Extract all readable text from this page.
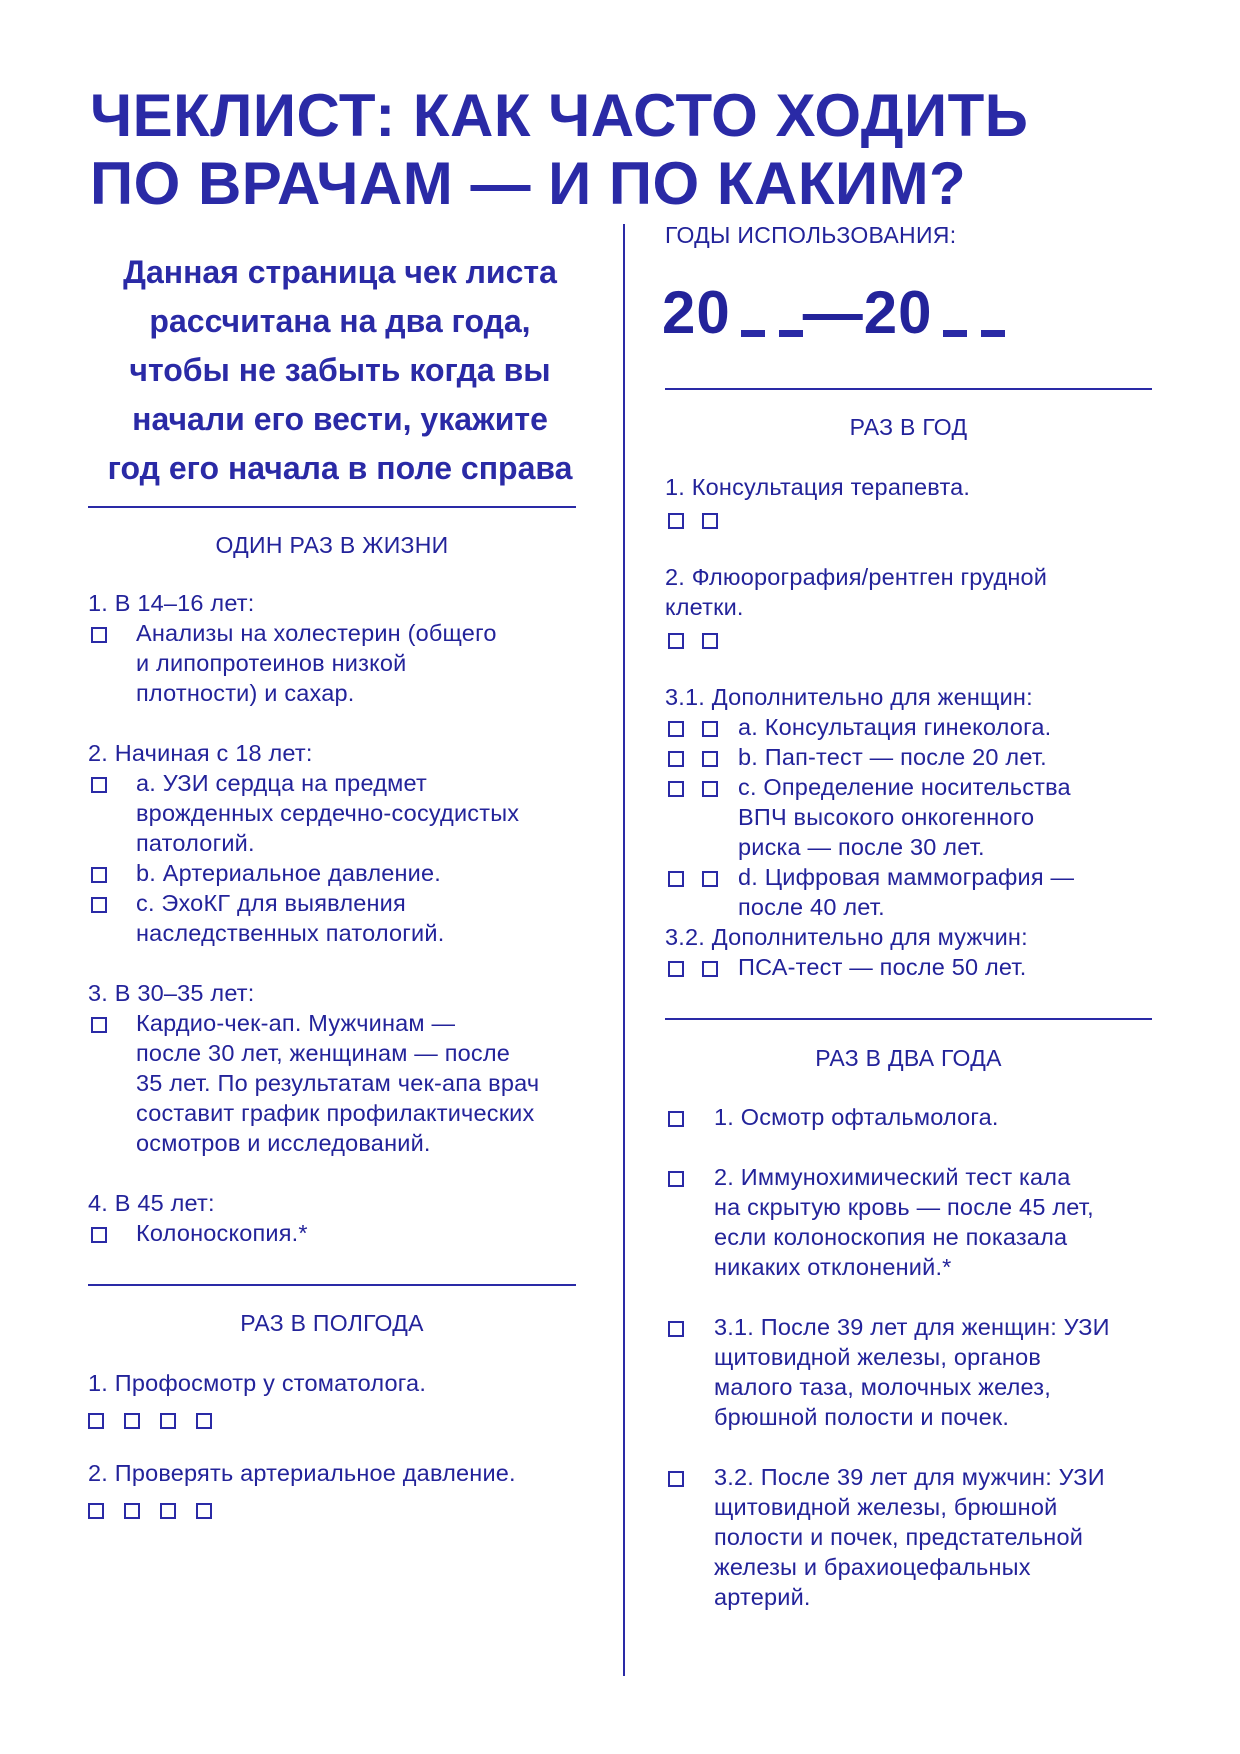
ЧЕКЛИСТ: КАК ЧАСТО ХОДИТЬ
ПО ВРАЧАМ — И ПО КАКИМ?

Данная страница чек листа
рассчитана на два года,
чтобы не забыть когда вы
начали его вести, укажите
год его начала в поле справа

ГОДЫ ИСПОЛЬЗОВАНИЯ:
20 —20
ОДИН РАЗ В ЖИЗНИ
1. В 14–16 лет:
Анализы на холестерин (общего
и липопротеинов низкой
плотности) и сахар.
2. Начиная с 18 лет:
a. УЗИ сердца на предмет
врожденных сердечно-сосудистых
патологий.
b. Артериальное давление.
c. ЭхоКГ для выявления
наследственных патологий.
3. В 30–35 лет:
Кардио-чек-ап. Мужчинам —
после 30 лет, женщинам — после
35 лет. По результатам чек-апа врач
составит график профилактических
осмотров и исследований.
4. В 45 лет:
Колоноскопия.*
РАЗ В ПОЛГОДА
1. Профосмотр у стоматолога.
2. Проверять артериальное давление.
РАЗ В ГОД
1. Консультация терапевта.
2. Флюорография/рентген грудной
клетки.
3.1. Дополнительно для женщин:
a. Консультация гинеколога.
b. Пап-тест — после 20 лет.
c. Определение носительства
ВПЧ высокого онкогенного
риска — после 30 лет.
d. Цифровая маммография —
после 40 лет.
3.2. Дополнительно для мужчин:
ПСА-тест — после 50 лет.
РАЗ В ДВА ГОДА
1. Осмотр офтальмолога.
2. Иммунохимический тест кала
на скрытую кровь — после 45 лет,
если колоноскопия не показала
никаких отклонений.*
3.1. После 39 лет для женщин: УЗИ
щитовидной железы, органов
малого таза, молочных желез,
брюшной полости и почек.
3.2. После 39 лет для мужчин: УЗИ
щитовидной железы, брюшной
полости и почек, предстательной
железы и брахиоцефальных
артерий.
